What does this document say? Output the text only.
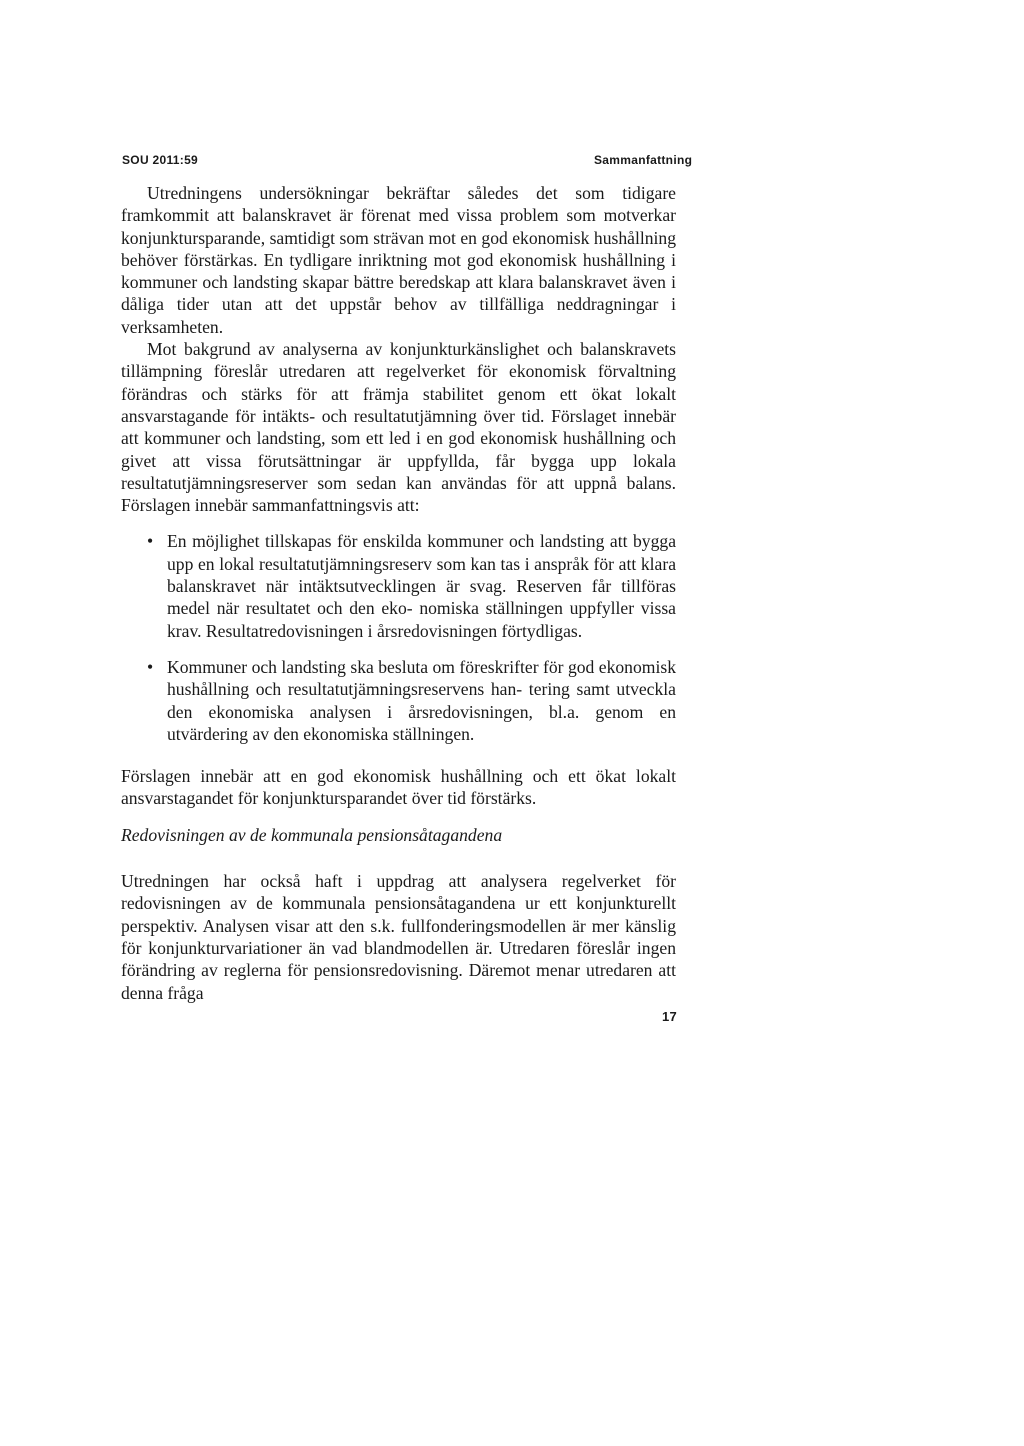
SOU 2011:59	Sammanfattning

Utredningens undersökningar bekräftar således det som tidigare framkommit att balanskravet är förenat med vissa problem som motverkar konjunktursparande, samtidigt som strävan mot en god ekonomisk hushållning behöver förstärkas. En tydligare inriktning mot god ekonomisk hushållning i kommuner och landsting skapar bättre beredskap att klara balanskravet även i dåliga tider utan att det uppstår behov av tillfälliga neddragningar i verksamheten.

Mot bakgrund av analyserna av konjunkturkänslighet och balanskravets tillämpning föreslår utredaren att regelverket för ekonomisk förvaltning förändras och stärks för att främja stabilitet genom ett ökat lokalt ansvarstagande för intäkts- och resultatutjämning över tid. Förslaget innebär att kommuner och landsting, som ett led i en god ekonomisk hushållning och givet att vissa förutsättningar är uppfyllda, får bygga upp lokala resultatutjämningsreserver som sedan kan användas för att uppnå balans. Förslagen innebär sammanfattningsvis att:

• En möjlighet tillskapas för enskilda kommuner och landsting att bygga upp en lokal resultatutjämningsreserv som kan tas i anspråk för att klara balanskravet när intäktsutvecklingen är svag. Reserven får tillföras medel när resultatet och den eko- nomiska ställningen uppfyller vissa krav. Resultatredovisningen i årsredovisningen förtydligas.
• Kommuner och landsting ska besluta om föreskrifter för god ekonomisk hushållning och resultatutjämningsreservens han- tering samt utveckla den ekonomiska analysen i årsredovisningen, bl.a. genom en utvärdering av den ekonomiska ställningen.

Förslagen innebär att en god ekonomisk hushållning och ett ökat lokalt ansvarstagandet för konjunktursparandet över tid förstärks.

Redovisningen av de kommunala pensionsåtagandena

Utredningen har också haft i uppdrag att analysera regelverket för redovisningen av de kommunala pensionsåtagandena ur ett konjunkturellt perspektiv. Analysen visar att den s.k. fullfonderingsmodellen är mer känslig för konjunkturvariationer än vad blandmodellen är. Utredaren föreslår ingen förändring av reglerna för pensionsredovisning. Däremot menar utredaren att denna fråga

17
